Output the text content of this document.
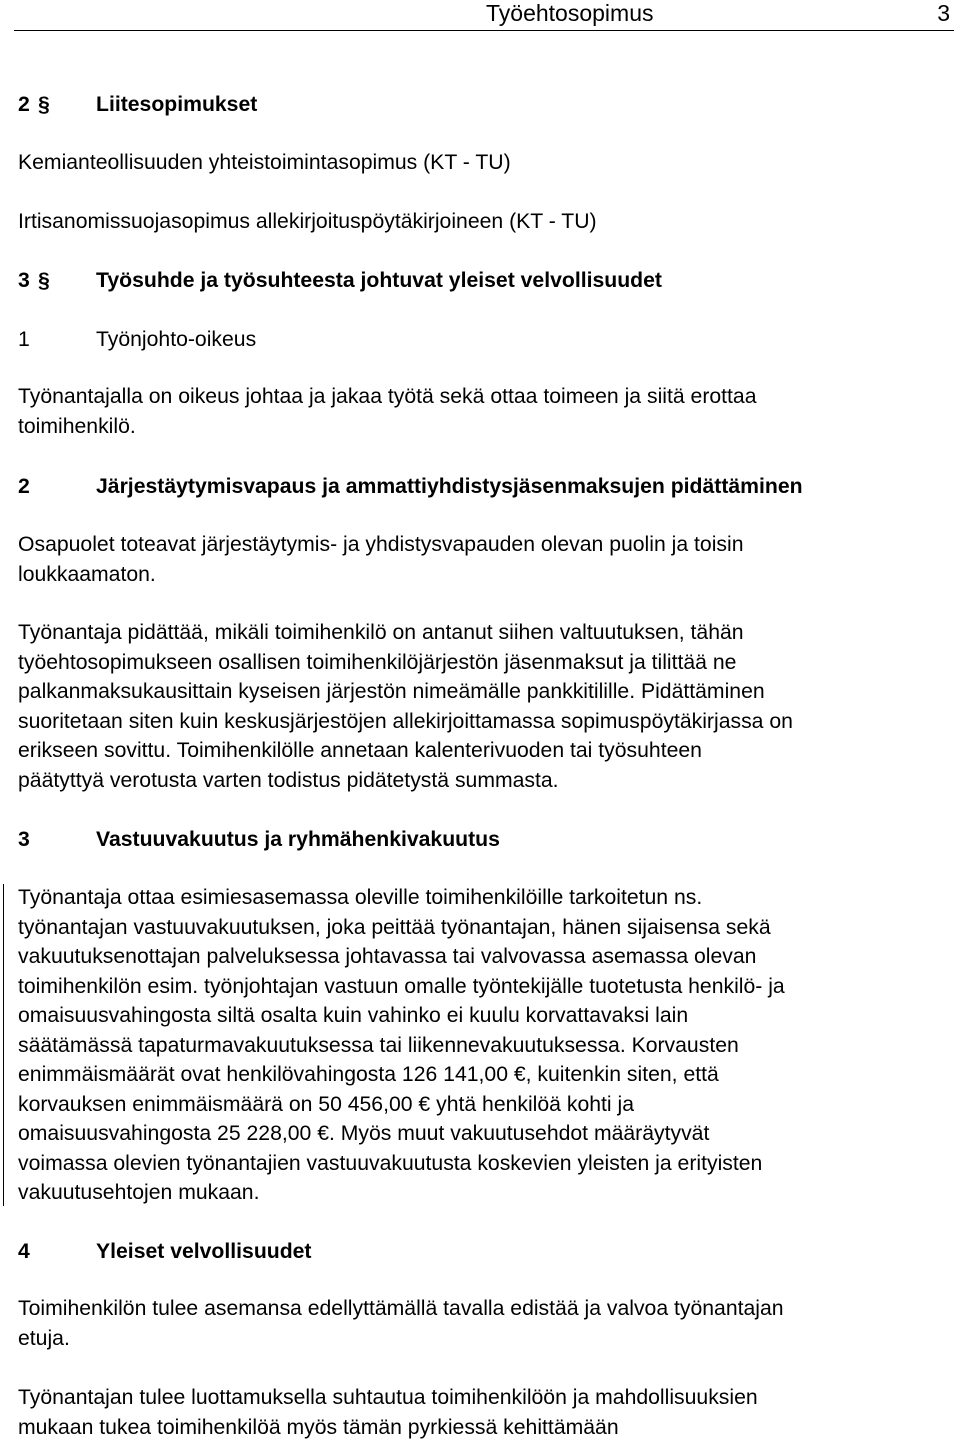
Työehtosopimus	3
2 § Liitesopimukset

Kemianteollisuuden yhteistoimintasopimus (KT - TU)

Irtisanomissuojasopimus allekirjoituspöytäkirjoineen (KT - TU)

3 § Työsuhde ja työsuhteesta johtuvat yleiset velvollisuudet
1	Työnjohto-oikeus
Työnantajalla on oikeus johtaa ja jakaa työtä sekä ottaa toimeen ja siitä erottaa
toimihenkilö.
2	Järjestäytymisvapaus ja ammattiyhdistysjäsenmaksujen pidättäminen
Osapuolet toteavat järjestäytymis- ja yhdistysvapauden olevan puolin ja toisin
loukkaamaton.
Työnantaja pidättää, mikäli toimihenkilö on antanut siihen valtuutuksen, tähän
työehtosopimukseen osallisen toimihenkilöjärjestön jäsenmaksut ja tilittää ne
palkanmaksukausittain kyseisen järjestön nimeämälle pankkitilille. Pidättäminen
suoritetaan siten kuin keskusjärjestöjen allekirjoittamassa sopimuspöytäkirjassa on
erikseen sovittu. Toimihenkilölle annetaan kalenterivuoden tai työsuhteen
päätyttyä verotusta varten todistus pidätetystä summasta.
3	Vastuuvakuutus ja ryhmähenkivakuutus
Työnantaja ottaa esimiesasemassa oleville toimihenkilöille tarkoitetun ns.
työnantajan vastuuvakuutuksen, joka peittää työnantajan, hänen sijaisensa sekä
vakuutuksenottajan palveluksessa johtavassa tai valvovassa asemassa olevan
toimihenkilön esim. työnjohtajan vastuun omalle työntekijälle tuotetusta henkilö- ja
omaisuusvahingosta siltä osalta kuin vahinko ei kuulu korvattavaksi lain
säätämässä tapaturmavakuutuksessa tai liikennevakuutuksessa. Korvausten
enimmäismäärät ovat henkilövahingosta 126 141,00 €, kuitenkin siten, että
korvauksen enimmäismäärä on 50 456,00 € yhtä henkilöä kohti ja
omaisuusvahingosta 25 228,00 €. Myös muut vakuutusehdot määräytyvät
voimassa olevien työnantajien vastuuvakuutusta koskevien yleisten ja erityisten
vakuutusehtojen mukaan.
4	Yleiset velvollisuudet
Toimihenkilön tulee asemansa edellyttämällä tavalla edistää ja valvoa työnantajan
etuja.
Työnantajan tulee luottamuksella suhtautua toimihenkilöön ja mahdollisuuksien
mukaan tukea toimihenkilöä myös tämän pyrkiessä kehittämään
